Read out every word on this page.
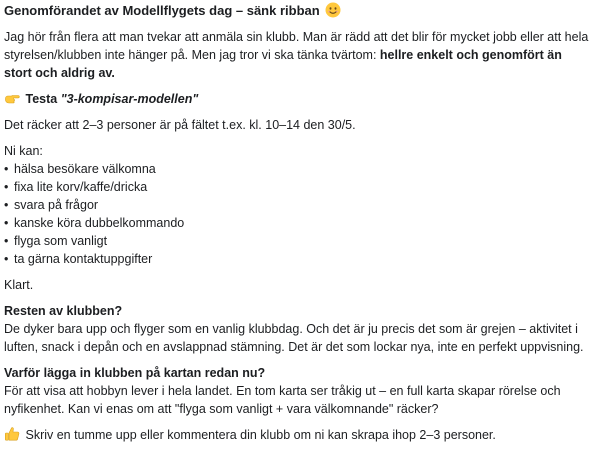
Genomförandet av Modellflygets dag – sänk ribban

Jag hör från flera att man tvekar att anmäla sin klubb. Man är rädd att det blir för mycket jobb eller att hela styrelsen/klubben inte hänger på. Men jag tror vi ska tänka tvärtom: hellre enkelt och genomfört än stort och aldrig av.

Testa "3-kompisar-modellen"

Det räcker att 2–3 personer är på fältet t.ex. kl. 10–14 den 30/5.

Ni kan:

• hälsa besökare välkomna
• fixa lite korv/kaffe/dricka
• svara på frågor
• kanske köra dubbelkommando
• flyga som vanligt
• ta gärna kontaktuppgifter

Klart.

Resten av klubben?

De dyker bara upp och flyger som en vanlig klubbdag. Och det är ju precis det som är grejen – aktivitet i luften, snack i depån och en avslappnad stämning. Det är det som lockar nya, inte en perfekt uppvisning.

Varför lägga in klubben på kartan redan nu?

För att visa att hobbyn lever i hela landet. En tom karta ser tråkig ut – en full karta skapar rörelse och nyfikenhet. Kan vi enas om att "flyga som vanligt + vara välkomnande" räcker?

Skriv en tumme upp eller kommentera din klubb om ni kan skrapa ihop 2–3 personer.
